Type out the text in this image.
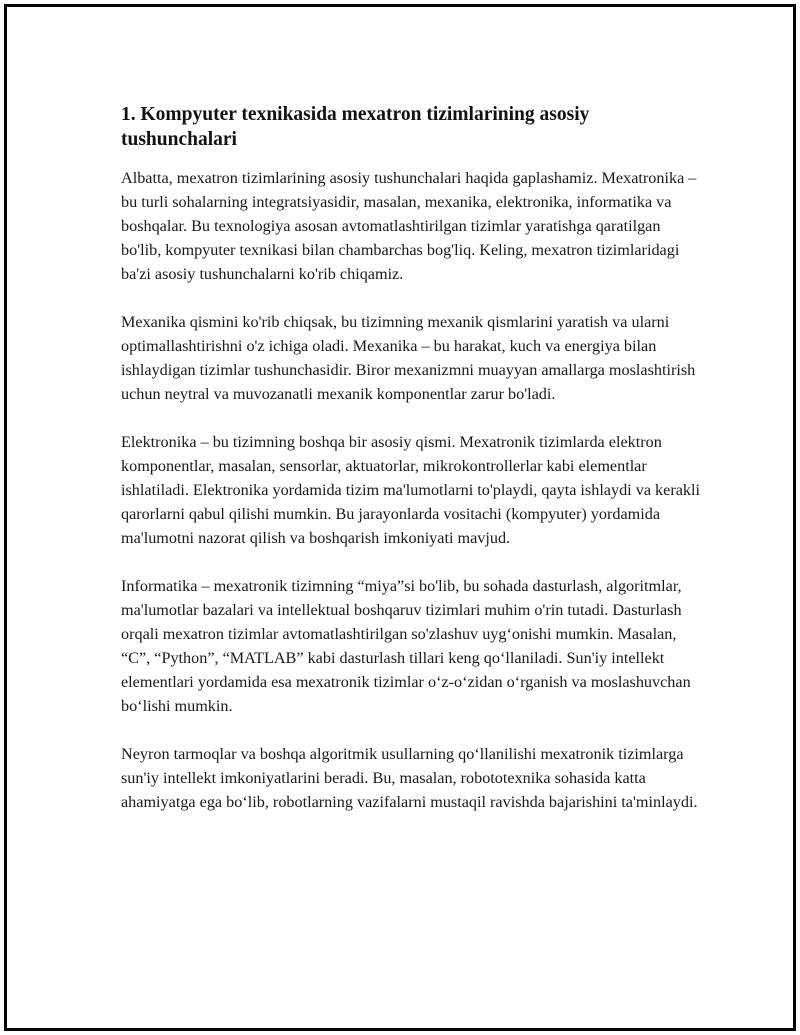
1. Kompyuter texnikasida mexatron tizimlarining asosiy tushunchalari

Albatta, mexatron tizimlarining asosiy tushunchalari haqida gaplashamiz. Mexatronika – bu turli sohalarning integratsiyasidir, masalan, mexanika, elektronika, informatika va boshqalar. Bu texnologiya asosan avtomatlashtirilgan tizimlar yaratishga qaratilgan bo'lib, kompyuter texnikasi bilan chambarchas bog'liq. Keling, mexatron tizimlaridagi ba'zi asosiy tushunchalarni ko'rib chiqamiz.

Mexanika qismini ko'rib chiqsak, bu tizimning mexanik qismlarini yaratish va ularni optimallashtirishni o'z ichiga oladi. Mexanika – bu harakat, kuch va energiya bilan ishlaydigan tizimlar tushunchasidir. Biror mexanizmni muayyan amallarga moslashtirish uchun neytral va muvozanatli mexanik komponentlar zarur bo'ladi.

Elektronika – bu tizimning boshqa bir asosiy qismi. Mexatronik tizimlarda elektron komponentlar, masalan, sensorlar, aktuatorlar, mikrokontrollerlar kabi elementlar ishlatiladi. Elektronika yordamida tizim ma'lumotlarni to'playdi, qayta ishlaydi va kerakli qarorlarni qabul qilishi mumkin. Bu jarayonlarda vositachi (kompyuter) yordamida ma'lumotni nazorat qilish va boshqarish imkoniyati mavjud.

Informatika – mexatronik tizimning “miya”si bo'lib, bu sohada dasturlash, algoritmlar, ma'lumotlar bazalari va intellektual boshqaruv tizimlari muhim o'rin tutadi. Dasturlash orqali mexatron tizimlar avtomatlashtirilgan so'zlashuv uyg‘onishi mumkin. Masalan, “C”, “Python”, “MATLAB” kabi dasturlash tillari keng qo‘llaniladi. Sun'iy intellekt elementlari yordamida esa mexatronik tizimlar o‘z-o‘zidan o‘rganish va moslashuvchan bo‘lishi mumkin.

Neyron tarmoqlar va boshqa algoritmik usullarning qo‘llanilishi mexatronik tizimlarga sun'iy intellekt imkoniyatlarini beradi. Bu, masalan, robototexnika sohasida katta ahamiyatga ega bo‘lib, robotlarning vazifalarni mustaqil ravishda bajarishini ta'minlaydi.
